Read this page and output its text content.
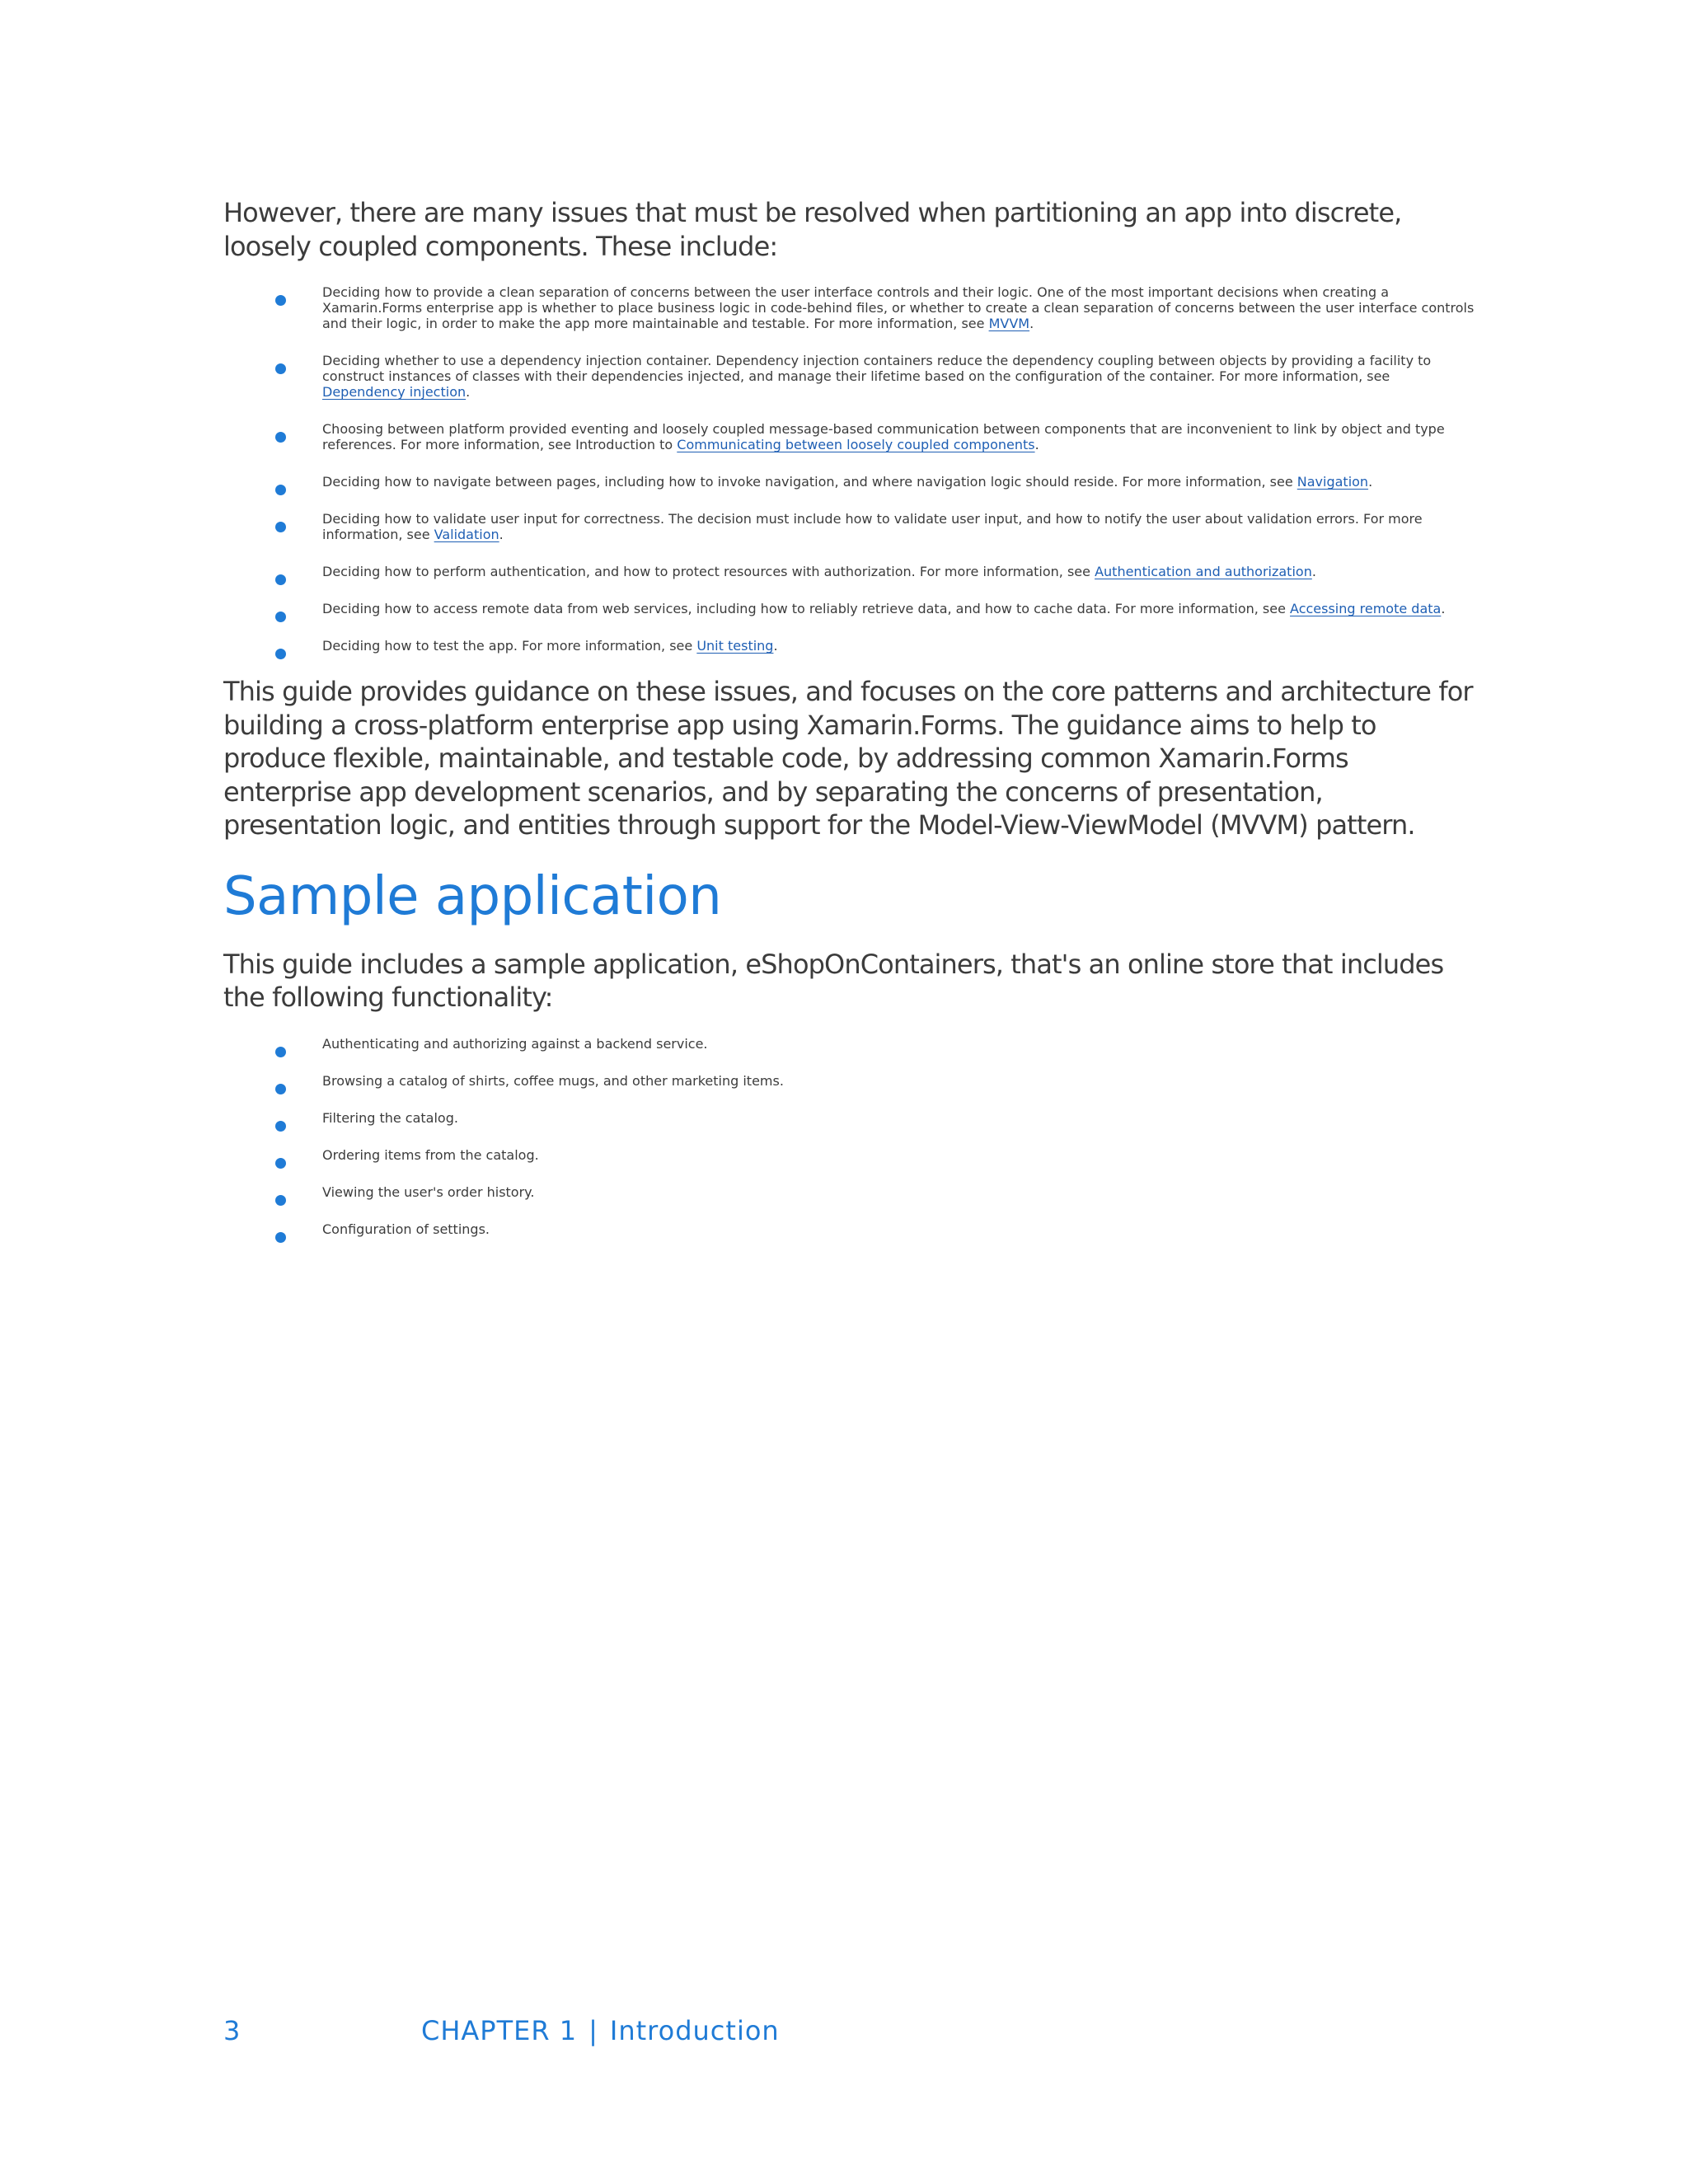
However, there are many issues that must be resolved when partitioning an app into discrete, loosely coupled components. These include:

Deciding how to provide a clean separation of concerns between the user interface controls and their logic. One of the most important decisions when creating a Xamarin.Forms enterprise app is whether to place business logic in code-behind files, or whether to create a clean separation of concerns between the user interface controls and their logic, in order to make the app more maintainable and testable. For more information, see MVVM.
Deciding whether to use a dependency injection container. Dependency injection containers reduce the dependency coupling between objects by providing a facility to construct instances of classes with their dependencies injected, and manage their lifetime based on the configuration of the container. For more information, see Dependency injection.
Choosing between platform provided eventing and loosely coupled message-based communication between components that are inconvenient to link by object and type references. For more information, see Introduction to Communicating between loosely coupled components.
Deciding how to navigate between pages, including how to invoke navigation, and where navigation logic should reside. For more information, see Navigation.
Deciding how to validate user input for correctness. The decision must include how to validate user input, and how to notify the user about validation errors. For more information, see Validation.
Deciding how to perform authentication, and how to protect resources with authorization. For more information, see Authentication and authorization.
Deciding how to access remote data from web services, including how to reliably retrieve data, and how to cache data. For more information, see Accessing remote data.
Deciding how to test the app. For more information, see Unit testing.

This guide provides guidance on these issues, and focuses on the core patterns and architecture for building a cross-platform enterprise app using Xamarin.Forms. The guidance aims to help to produce flexible, maintainable, and testable code, by addressing common Xamarin.Forms enterprise app development scenarios, and by separating the concerns of presentation, presentation logic, and entities through support for the Model-View-ViewModel (MVVM) pattern.

Sample application

This guide includes a sample application, eShopOnContainers, that's an online store that includes the following functionality:

Authenticating and authorizing against a backend service.
Browsing a catalog of shirts, coffee mugs, and other marketing items.
Filtering the catalog.
Ordering items from the catalog.
Viewing the user's order history.
Configuration of settings.
3	CHAPTER 1 | Introduction
